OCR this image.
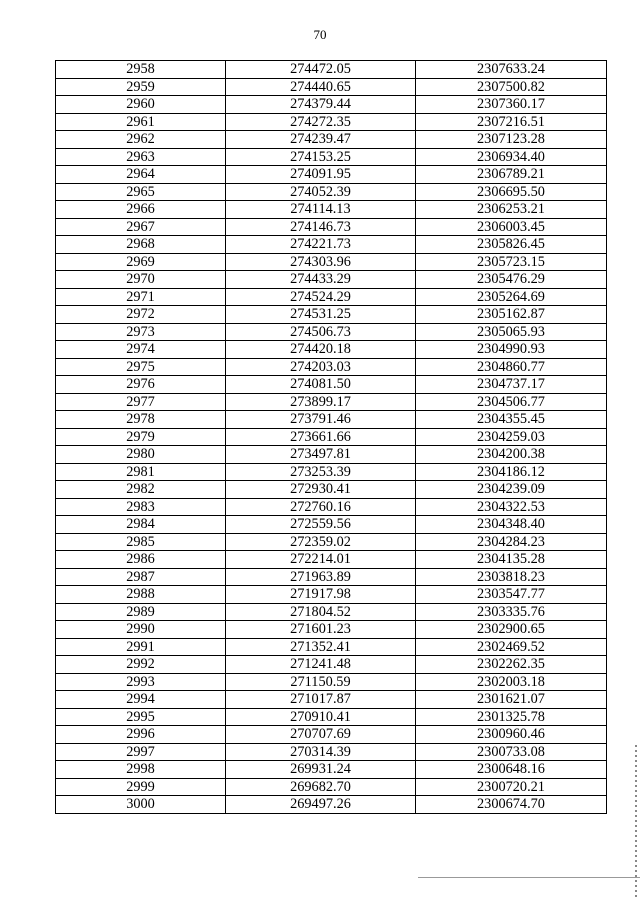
70
2958	274472.05	2307633.24
2959	274440.65	2307500.82
2960	274379.44	2307360.17
2961	274272.35	2307216.51
2962	274239.47	2307123.28
2963	274153.25	2306934.40
2964	274091.95	2306789.21
2965	274052.39	2306695.50
2966	274114.13	2306253.21
2967	274146.73	2306003.45
2968	274221.73	2305826.45
2969	274303.96	2305723.15
2970	274433.29	2305476.29
2971	274524.29	2305264.69
2972	274531.25	2305162.87
2973	274506.73	2305065.93
2974	274420.18	2304990.93
2975	274203.03	2304860.77
2976	274081.50	2304737.17
2977	273899.17	2304506.77
2978	273791.46	2304355.45
2979	273661.66	2304259.03
2980	273497.81	2304200.38
2981	273253.39	2304186.12
2982	272930.41	2304239.09
2983	272760.16	2304322.53
2984	272559.56	2304348.40
2985	272359.02	2304284.23
2986	272214.01	2304135.28
2987	271963.89	2303818.23
2988	271917.98	2303547.77
2989	271804.52	2303335.76
2990	271601.23	2302900.65
2991	271352.41	2302469.52
2992	271241.48	2302262.35
2993	271150.59	2302003.18
2994	271017.87	2301621.07
2995	270910.41	2301325.78
2996	270707.69	2300960.46
2997	270314.39	2300733.08
2998	269931.24	2300648.16
2999	269682.70	2300720.21
3000	269497.26	2300674.70
